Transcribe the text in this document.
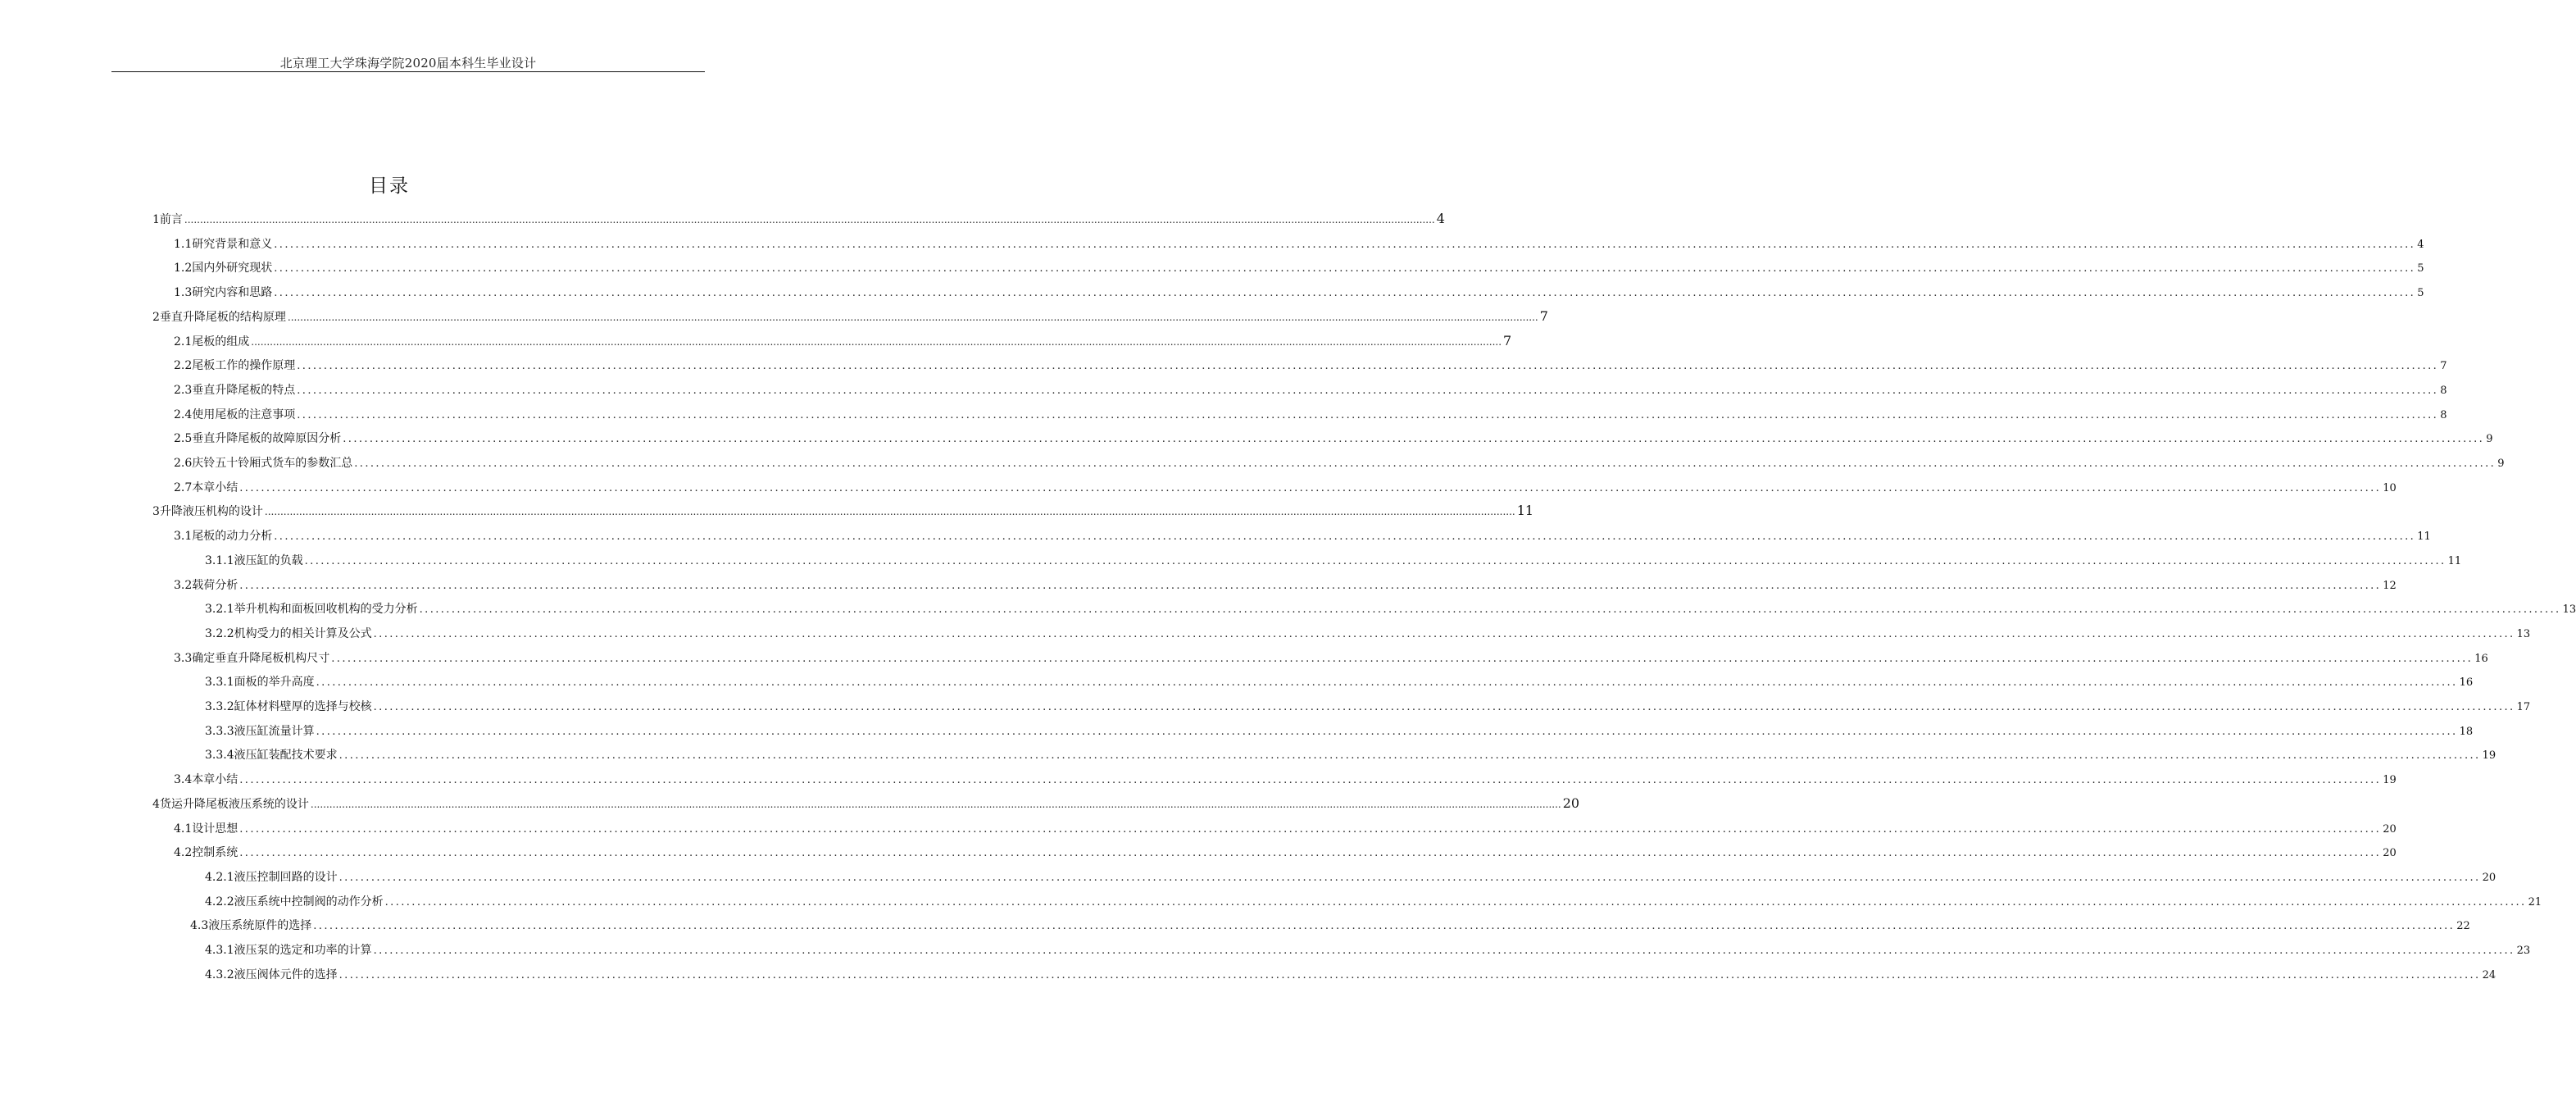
北京理工大学珠海学院2020届本科生毕业设计
目录
1前言 ................................................................................................................................................................................................................................................................................................................................................................................................................ 4
1.1研究背景和意义 ................................................................................................................................................................................................................................................................................................................................................................................................................ 4
1.2国内外研究现状 ................................................................................................................................................................................................................................................................................................................................................................................................................ 5
1.3研究内容和思路 ................................................................................................................................................................................................................................................................................................................................................................................................................ 5
2垂直升降尾板的结构原理 ................................................................................................................................................................................................................................................................................................................................................................................................................ 7
2.1尾板的组成 ................................................................................................................................................................................................................................................................................................................................................................................................................ 7
2.2尾板工作的操作原理 ................................................................................................................................................................................................................................................................................................................................................................................................................ 7
2.3垂直升降尾板的特点 ................................................................................................................................................................................................................................................................................................................................................................................................................ 8
2.4使用尾板的注意事项 ................................................................................................................................................................................................................................................................................................................................................................................................................ 8
2.5垂直升降尾板的故障原因分析 ................................................................................................................................................................................................................................................................................................................................................................................................................ 9
2.6庆铃五十铃厢式货车的参数汇总 ................................................................................................................................................................................................................................................................................................................................................................................................................ 9
2.7本章小结 ................................................................................................................................................................................................................................................................................................................................................................................................................ 10
3升降液压机构的设计 ................................................................................................................................................................................................................................................................................................................................................................................................................ 11
3.1尾板的动力分析 ................................................................................................................................................................................................................................................................................................................................................................................................................ 11
3.1.1液压缸的负载 ................................................................................................................................................................................................................................................................................................................................................................................................................ 11
3.2载荷分析 ................................................................................................................................................................................................................................................................................................................................................................................................................ 12
3.2.1举升机构和面板回收机构的受力分析 ................................................................................................................................................................................................................................................................................................................................................................................................................ 13
3.2.2机构受力的相关计算及公式 ................................................................................................................................................................................................................................................................................................................................................................................................................ 13
3.3确定垂直升降尾板机构尺寸 ................................................................................................................................................................................................................................................................................................................................................................................................................ 16
3.3.1面板的举升高度 ................................................................................................................................................................................................................................................................................................................................................................................................................ 16
3.3.2缸体材料壁厚的选择与校核 ................................................................................................................................................................................................................................................................................................................................................................................................................ 17
3.3.3液压缸流量计算 ................................................................................................................................................................................................................................................................................................................................................................................................................ 18
3.3.4液压缸装配技术要求 ................................................................................................................................................................................................................................................................................................................................................................................................................ 19
3.4本章小结 ................................................................................................................................................................................................................................................................................................................................................................................................................ 19
4货运升降尾板液压系统的设计 ................................................................................................................................................................................................................................................................................................................................................................................................................ 20
4.1设计思想 ................................................................................................................................................................................................................................................................................................................................................................................................................ 20
4.2控制系统 ................................................................................................................................................................................................................................................................................................................................................................................................................ 20
4.2.1液压控制回路的设计 ................................................................................................................................................................................................................................................................................................................................................................................................................ 20
4.2.2液压系统中控制阀的动作分析 ................................................................................................................................................................................................................................................................................................................................................................................................................ 21
4.3液压系统原件的选择 ................................................................................................................................................................................................................................................................................................................................................................................................................ 22
4.3.1液压泵的选定和功率的计算 ................................................................................................................................................................................................................................................................................................................................................................................................................ 23
4.3.2液压阀体元件的选择 ................................................................................................................................................................................................................................................................................................................................................................................................................ 24
